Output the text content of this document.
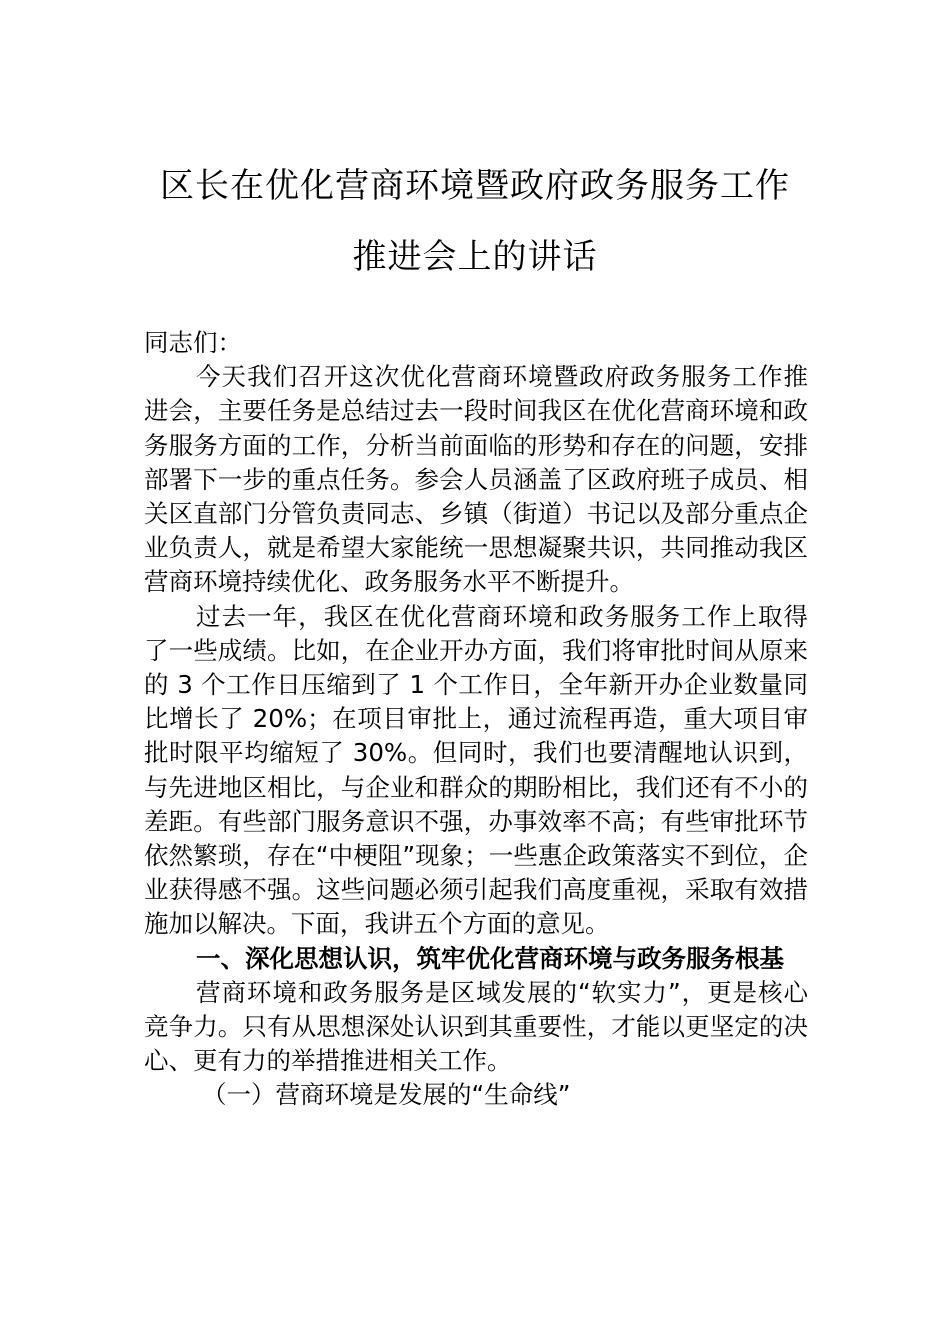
区长在优化营商环境暨政府政务服务工作
推进会上的讲话

同志们：

今天我们召开这次优化营商环境暨政府政务服务工作推进会，主要任务是总结过去一段时间我区在优化营商环境和政务服务方面的工作，分析当前面临的形势和存在的问题，安排部署下一步的重点任务。参会人员涵盖了区政府班子成员、相关区直部门分管负责同志、乡镇（街道）书记以及部分重点企业负责人，就是希望大家能统一思想凝聚共识，共同推动我区营商环境持续优化、政务服务水平不断提升。

过去一年，我区在优化营商环境和政务服务工作上取得了一些成绩。比如，在企业开办方面，我们将审批时间从原来的 3 个工作日压缩到了 1 个工作日，全年新开办企业数量同比增长了 20%；在项目审批上，通过流程再造，重大项目审批时限平均缩短了 30%。但同时，我们也要清醒地认识到，与先进地区相比，与企业和群众的期盼相比，我们还有不小的差距。有些部门服务意识不强，办事效率不高；有些审批环节依然繁琐，存在“中梗阻”现象；一些惠企政策落实不到位，企业获得感不强。这些问题必须引起我们高度重视，采取有效措施加以解决。下面，我讲五个方面的意见。

一、深化思想认识，筑牢优化营商环境与政务服务根基

营商环境和政务服务是区域发展的“软实力”，更是核心竞争力。只有从思想深处认识到其重要性，才能以更坚定的决心、更有力的举措推进相关工作。

（一）营商环境是发展的“生命线”
